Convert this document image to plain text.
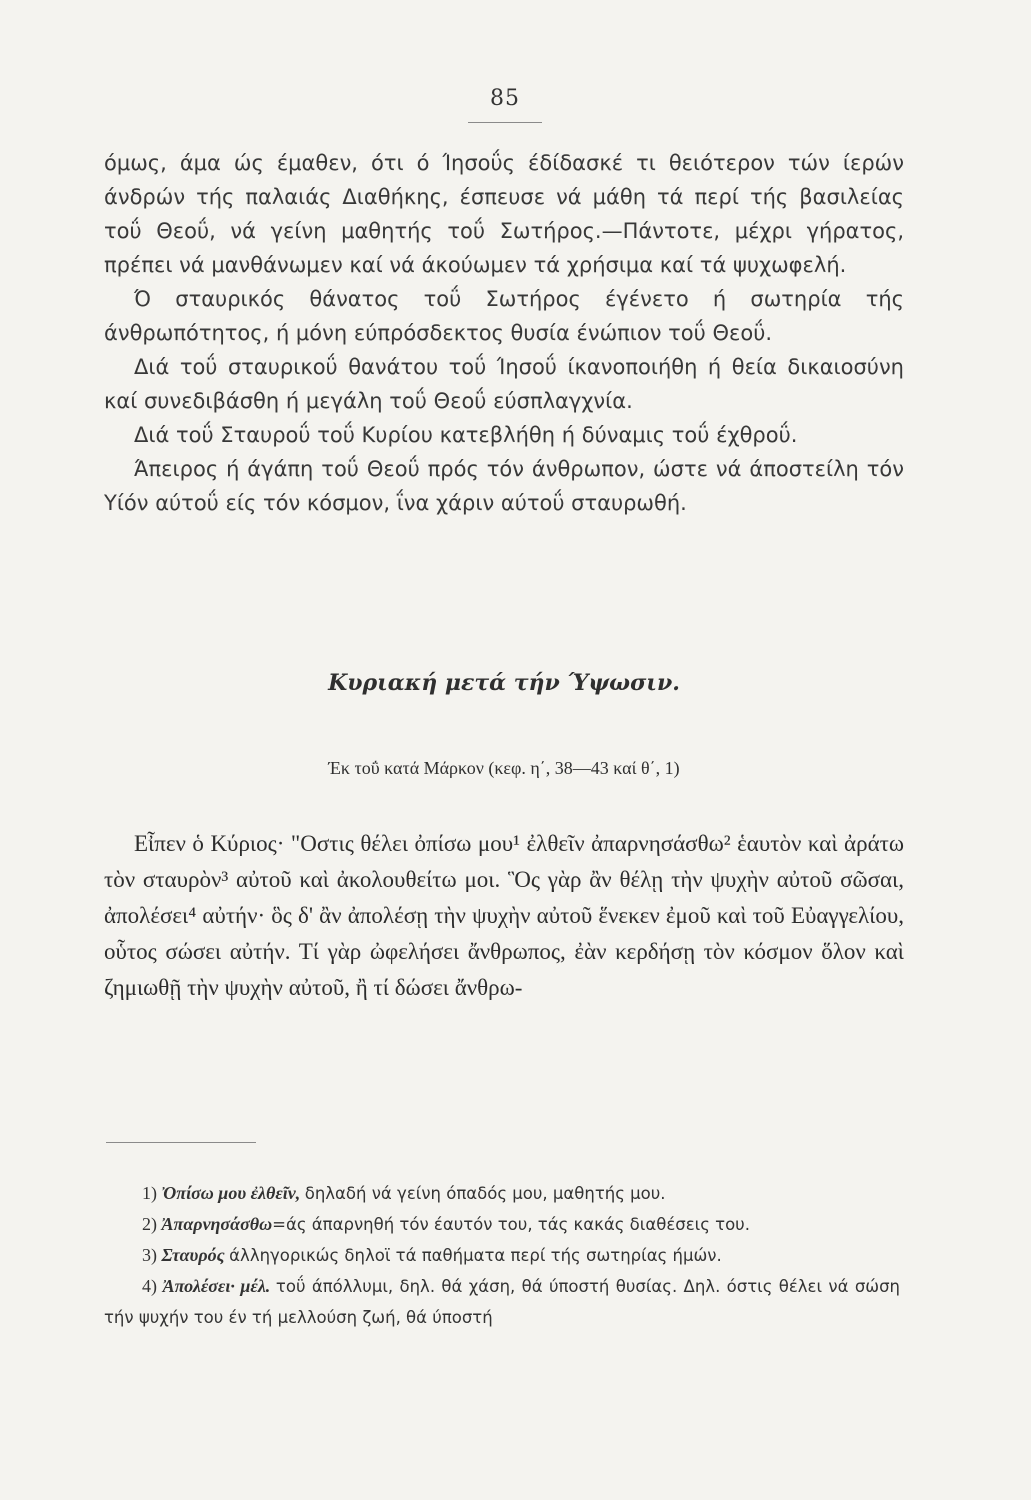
85

όμως, άμα ώς έμαθεν, ότι ό Ίησοΰς έδίδασκέ τι θειότερον τών ίερών άνδρών τής παλαιάς Διαθήκης, έσπευσε νά μάθη τά περί τής βασιλείας τοΰ Θεοΰ, νά γείνη μαθητής τοΰ Σωτήρος.—Πάντοτε, μέχρι γήρατος, πρέπει νά μανθάνωμεν καί νά άκούωμεν τά χρήσιμα καί τά ψυχωφελή.

Ό σταυρικός θάνατος τοΰ Σωτήρος έγένετο ή σωτηρία τής άνθρωπότητος, ή μόνη εύπρόσδεκτος θυσία ένώπιον τοΰ Θεοΰ.

Διά τοΰ σταυρικοΰ θανάτου τοΰ Ίησοΰ ίκανοποιήθη ή θεία δικαιοσύνη καί συνεδιβάσθη ή μεγάλη τοΰ Θεοΰ εύσπλαγχνία.

Διά τοΰ Σταυροΰ τοΰ Κυρίου κατεβλήθη ή δύναμις τοΰ έχθροΰ.

Άπειρος ή άγάπη τοΰ Θεοΰ πρός τόν άνθρωπον, ώστε νά άποστείλη τόν Υίόν αύτοΰ είς τόν κόσμον, ΐνα χάριν αύτοΰ σταυρωθή.

Κυριακή μετά τήν Ύψωσιν.
Έκ τοΰ κατά Μάρκον (κεφ. η΄, 38—43 καί θ΄, 1)
Εἶπεν ὁ Κύριος· "Οστις θέλει ὀπίσω μου¹ ἐλθεῖν ἀπαρνησάσθω² ἑαυτὸν καὶ ἀράτω τὸν σταυρὸν³ αὐτοῦ καὶ ἀκολουθείτω μοι. Ὃς γὰρ ἂν θέλῃ τὴν ψυχὴν αὐτοῦ σῶσαι, ἀπολέσει⁴ αὐτήν· ὃς δ' ἂν ἀπολέσῃ τὴν ψυχὴν αὐτοῦ ἕνεκεν ἐμοῦ καὶ τοῦ Εὐαγγελίου, οὗτος σώσει αὐτήν. Τί γὰρ ὠφελήσει ἄνθρωπος, ἐὰν κερδήσῃ τὸν κόσμον ὅλον καὶ ζημιωθῇ τὴν ψυχὴν αὐτοῦ, ἢ τί δώσει ἄνθρω-

1) Ὀπίσω μου ἐλθεῖν, δηλαδή νά γείνη όπαδός μου, μαθητής μου.

2) Ἀπαρνησάσθω=άς άπαρνηθή τόν έαυτόν του, τάς κακάς διαθέσεις του.

3) Σταυρός άλληγορικώς δηλοϊ τά παθήματα περί τής σωτηρίας ήμών.

4) Ἀπολέσει· μέλ. τοΰ άπόλλυμι, δηλ. θά χάση, θά ύποστή θυσίας. Δηλ. όστις θέλει νά σώση τήν ψυχήν του έν τή μελλούση ζωή, θά ύποστή
